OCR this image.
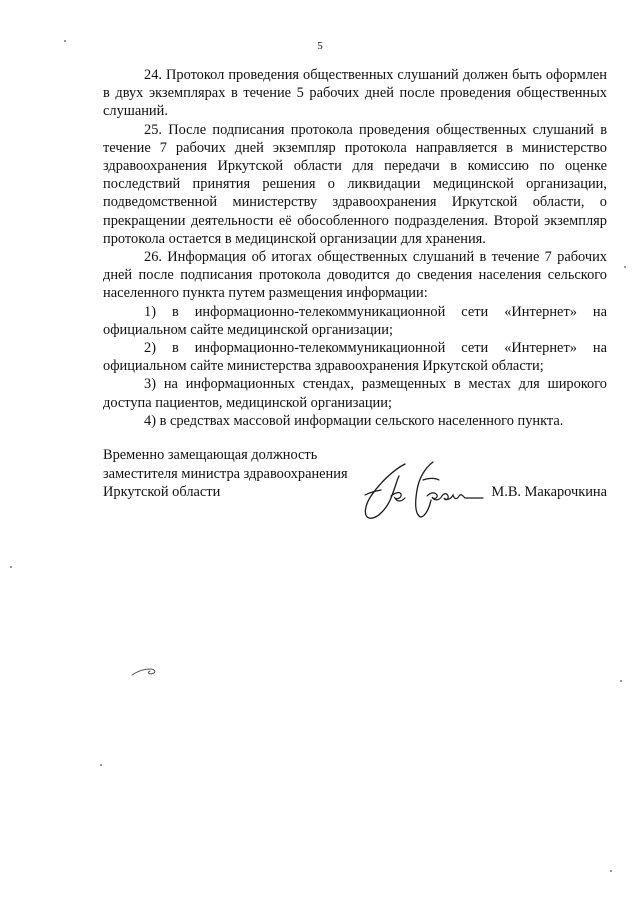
5

24. Протокол проведения общественных слушаний должен быть оформлен в двух экземплярах в течение 5 рабочих дней после проведения общественных слушаний.

25. После подписания протокола проведения общественных слушаний в течение 7 рабочих дней экземпляр протокола направляется в министерство здравоохранения Иркутской области для передачи в комиссию по оценке последствий принятия решения о ликвидации медицинской организации, подведомственной министерству здравоохранения Иркутской области, о прекращении деятельности её обособленного подразделения. Второй экземпляр протокола остается в медицинской организации для хранения.

26. Информация об итогах общественных слушаний в течение 7 рабочих дней после подписания протокола доводится до сведения населения сельского населенного пункта путем размещения информации:

1) в информационно-телекоммуникационной сети «Интернет» на официальном сайте медицинской организации;

2) в информационно-телекоммуникационной сети «Интернет» на официальном сайте министерства здравоохранения Иркутской области;

3) на информационных стендах, размещенных в местах для широкого доступа пациентов, медицинской организации;

4) в средствах массовой информации сельского населенного пункта.

Временно замещающая должность
заместителя министра здравоохранения
Иркутской области	М.В. Макарочкина
